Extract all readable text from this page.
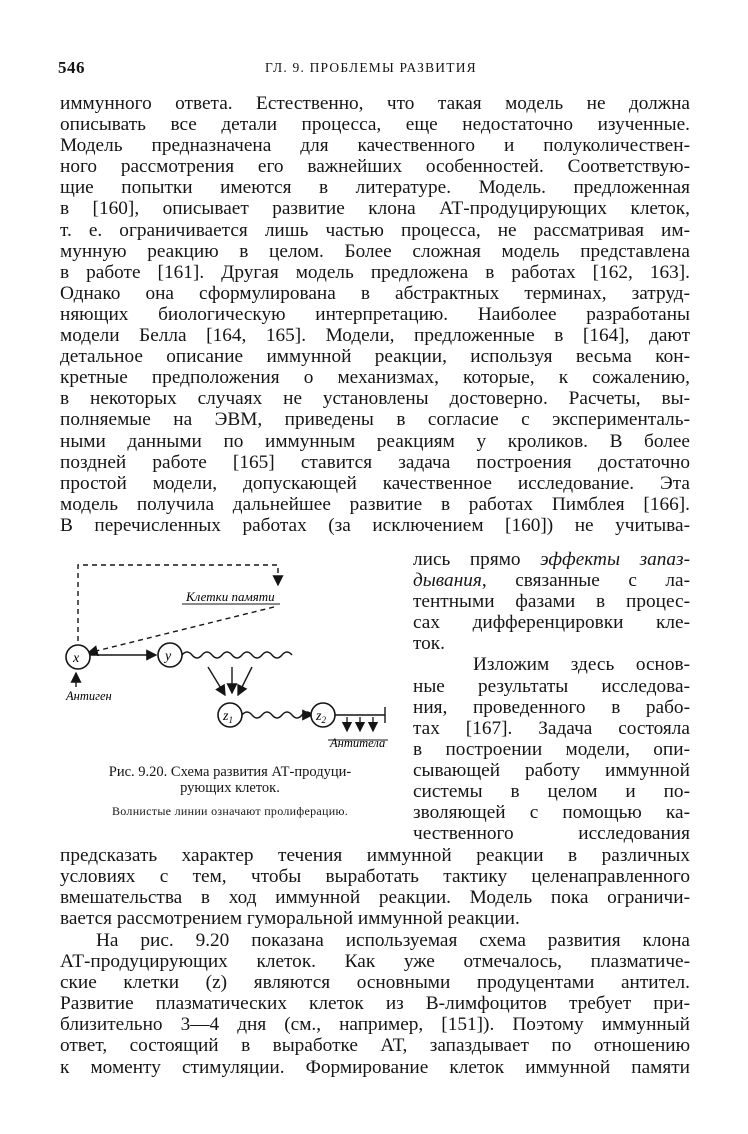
546	ГЛ. 9. ПРОБЛЕМЫ РАЗВИТИЯ
иммунного ответа. Естественно, что такая модель не должна
описывать все детали процесса, еще недостаточно изученные.
Модель предназначена для качественного и полуколичествен-
ного рассмотрения его важнейших особенностей. Соответствую-
щие попытки имеются в литературе. Модель. предложенная
в [160], описывает развитие клона АТ-продуцирующих клеток,
т. е. ограничивается лишь частью процесса, не рассматривая им-
мунную реакцию в целом. Более сложная модель представлена
в работе [161]. Другая модель предложена в работах [162, 163].
Однако она сформулирована в абстрактных терминах, затруд-
няющих биологическую интерпретацию. Наиболее разработаны
модели Белла [164, 165]. Модели, предложенные в [164], дают
детальное описание иммунной реакции, используя весьма кон-
кретные предположения о механизмах, которые, к сожалению,
в некоторых случаях не установлены достоверно. Расчеты, вы-
полняемые на ЭВМ, приведены в согласие с эксперименталь-
ными данными по иммунным реакциям у кроликов. В более
поздней работе [165] ставится задача построения достаточно
простой модели, допускающей качественное исследование. Эта
модель получила дальнейшее развитие в работах Пимблея [166].
В перечисленных работах (за исключением [160]) не учитыва-
лись прямо эффекты запаз-
дывания, связанные с ла-
тентными фазами в процес-
сах дифференцировки кле-
ток.
Изложим здесь основ-
ные результаты исследова-
ния, проведенного в рабо-
тах [167]. Задача состояла
в построении модели, опи-
сывающей работу иммунной
системы в целом и по-
зволяющей с помощью ка-
чественного исследования
Клетки памяти
x
Антиген
y
$z_1$	$z_2$
Антитела
Рис. 9.20. Схема развития АТ-продуци-
рующих клеток.
Волнистые линии означают пролиферацию.
предсказать характер течения иммунной реакции в различных
условиях с тем, чтобы выработать тактику целенаправленного
вмешательства в ход иммунной реакции. Модель пока ограничи-
вается рассмотрением гуморальной иммунной реакции.
На рис. 9.20 показана используемая схема развития клона
АТ-продуцирующих клеток. Как уже отмечалось, плазматиче-
ские клетки (z) являются основными продуцентами антител.
Развитие плазматических клеток из B-лимфоцитов требует при-
близительно 3—4 дня (см., например, [151]). Поэтому иммунный
ответ, состоящий в выработке АТ, запаздывает по отношению
к моменту стимуляции. Формирование клеток иммунной памяти
